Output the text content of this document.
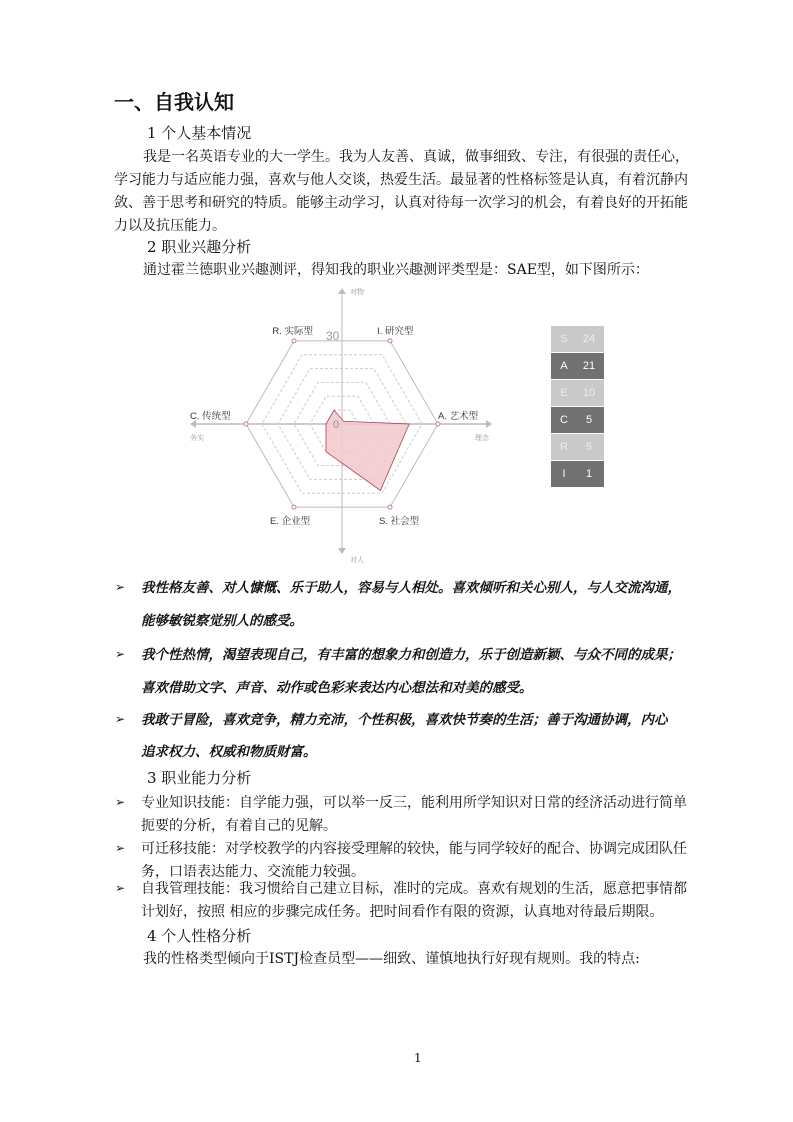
一、自我认知
1 个人基本情况
我是一名英语专业的大一学生。我为人友善、真诚，做事细致、专注，有很强的责任心，
学习能力与适应能力强，喜欢与他人交谈，热爱生活。最显著的性格标签是认真，有着沉静内
敛、善于思考和研究的特质。能够主动学习，认真对待每一次学习的机会，有着良好的开拓能
力以及抗压能力。
2 职业兴趣分析
通过霍兰德职业兴趣测评，得知我的职业兴趣测评类型是：SAE型，如下图所示：
A. 艺术型
I. 研究型
R. 实际型
C. 传统型
E. 企业型	S. 社会型
对物
对人
务实	理念
30
0
S	24
A	21
E	10
C	5
R	5
I	1
3 职业能力分析
4 个人性格分析
我的性格类型倾向于ISTJ检查员型——细致、谨慎地执行好现有规则。我的特点:
1
➢ 我性格友善、对人慷慨、乐于助人，容易与人相处。喜欢倾听和关心别人，与人交流沟通，
能够敏锐察觉别人的感受。
➢ 我个性热情，渴望表现自己，有丰富的想象力和创造力，乐于创造新颖、与众不同的成果；
喜欢借助文字、声音、动作或色彩来表达内心想法和对美的感受。
➢ 我敢于冒险，喜欢竞争，精力充沛，个性积极，喜欢快节奏的生活；善于沟通协调，内心
追求权力、权威和物质财富。
➢ 专业知识技能：自学能力强，可以举一反三，能利用所学知识对日常的经济活动进行简单
扼要的分析，有着自己的见解。
➢ 可迁移技能：对学校教学的内容接受理解的较快，能与同学较好的配合、协调完成团队任
务，口语表达能力、交流能力较强。
➢ 自我管理技能：我习惯给自己建立目标，准时的完成。喜欢有规划的生活，愿意把事情都
计划好，按照 相应的步骤完成任务。把时间看作有限的资源，认真地对待最后期限。
